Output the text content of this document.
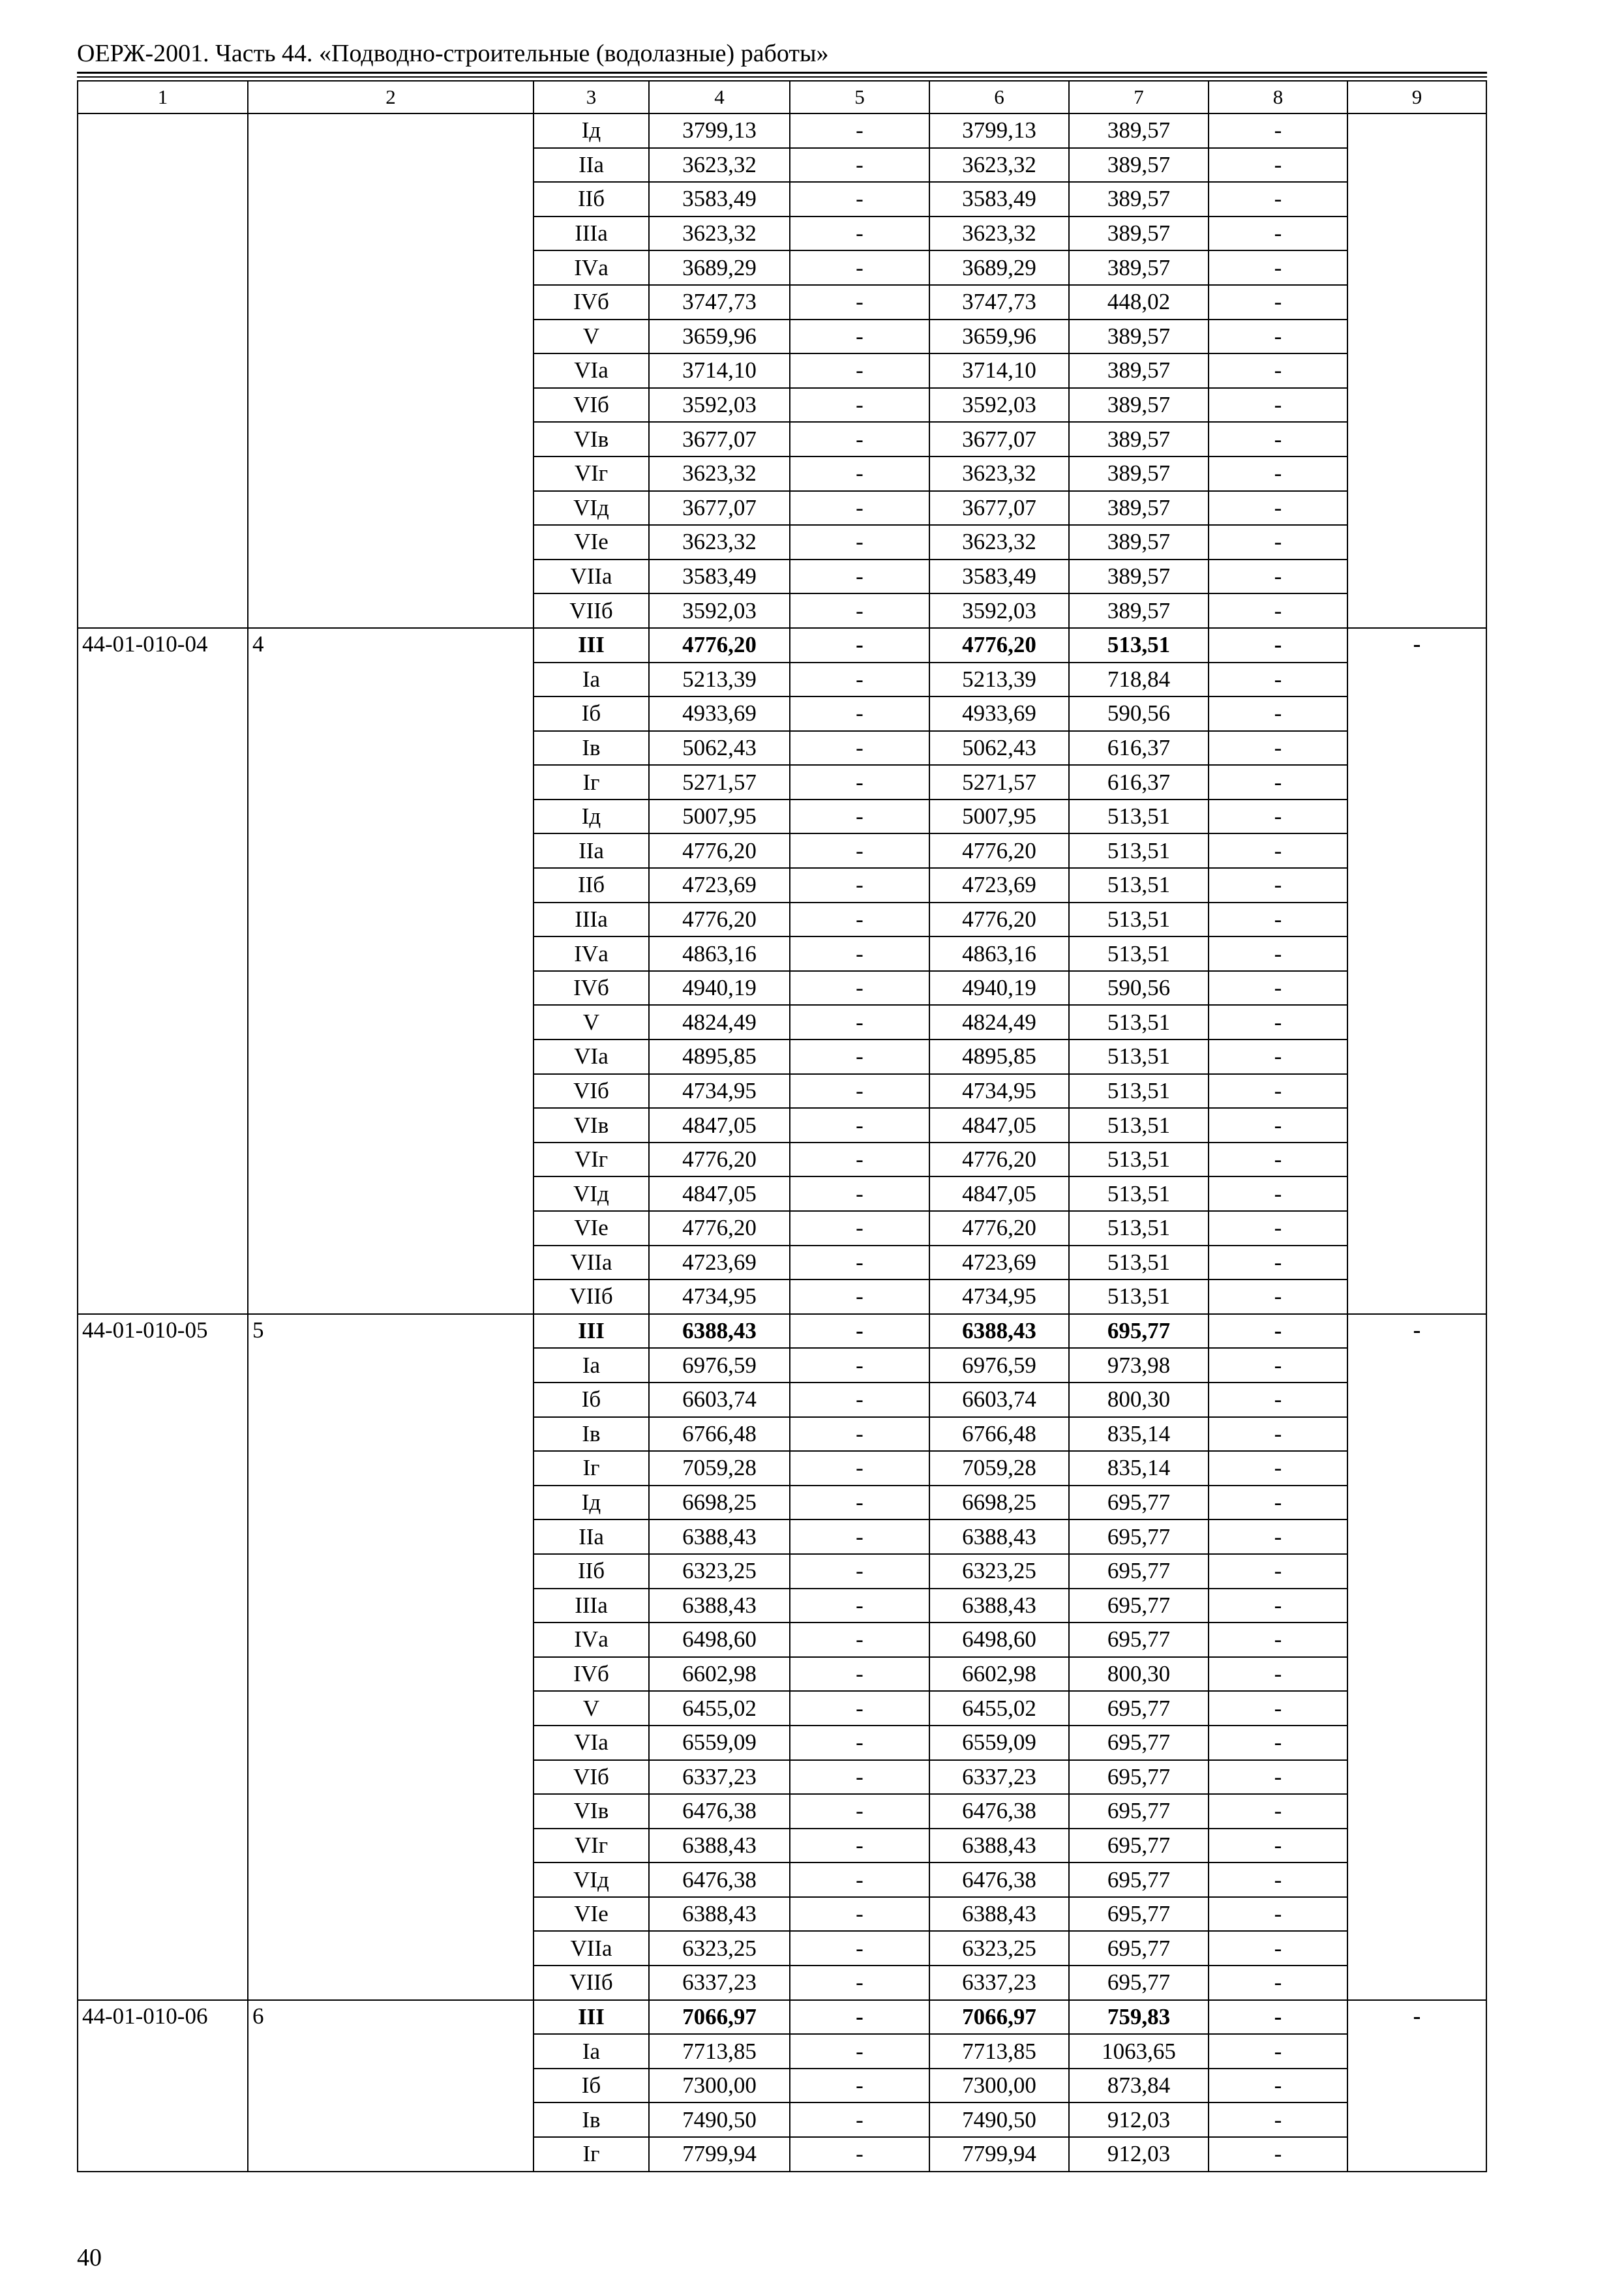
ОЕРЖ-2001. Часть 44. «Подводно-строительные (водолазные) работы»
1	2	3	4	5	6	7	8	9
		Iд	3799,13	-	3799,13	389,57	-	
		IIа	3623,32	-	3623,32	389,57	-	
		IIб	3583,49	-	3583,49	389,57	-	
		IIIа	3623,32	-	3623,32	389,57	-	
		IVа	3689,29	-	3689,29	389,57	-	
		IVб	3747,73	-	3747,73	448,02	-	
		V	3659,96	-	3659,96	389,57	-	
		VIа	3714,10	-	3714,10	389,57	-	
		VIб	3592,03	-	3592,03	389,57	-	
		VIв	3677,07	-	3677,07	389,57	-	
		VIг	3623,32	-	3623,32	389,57	-	
		VIд	3677,07	-	3677,07	389,57	-	
		VIе	3623,32	-	3623,32	389,57	-	
		VIIа	3583,49	-	3583,49	389,57	-	
		VIIб	3592,03	-	3592,03	389,57	-	
44-01-010-04	4	III	4776,20	-	4776,20	513,51	-	-
		Iа	5213,39	-	5213,39	718,84	-	
		Iб	4933,69	-	4933,69	590,56	-	
		Iв	5062,43	-	5062,43	616,37	-	
		Iг	5271,57	-	5271,57	616,37	-	
		Iд	5007,95	-	5007,95	513,51	-	
		IIа	4776,20	-	4776,20	513,51	-	
		IIб	4723,69	-	4723,69	513,51	-	
		IIIа	4776,20	-	4776,20	513,51	-	
		IVа	4863,16	-	4863,16	513,51	-	
		IVб	4940,19	-	4940,19	590,56	-	
		V	4824,49	-	4824,49	513,51	-	
		VIа	4895,85	-	4895,85	513,51	-	
		VIб	4734,95	-	4734,95	513,51	-	
		VIв	4847,05	-	4847,05	513,51	-	
		VIг	4776,20	-	4776,20	513,51	-	
		VIд	4847,05	-	4847,05	513,51	-	
		VIе	4776,20	-	4776,20	513,51	-	
		VIIа	4723,69	-	4723,69	513,51	-	
		VIIб	4734,95	-	4734,95	513,51	-	
44-01-010-05	5	III	6388,43	-	6388,43	695,77	-	-
		Iа	6976,59	-	6976,59	973,98	-	
		Iб	6603,74	-	6603,74	800,30	-	
		Iв	6766,48	-	6766,48	835,14	-	
		Iг	7059,28	-	7059,28	835,14	-	
		Iд	6698,25	-	6698,25	695,77	-	
		IIа	6388,43	-	6388,43	695,77	-	
		IIб	6323,25	-	6323,25	695,77	-	
		IIIа	6388,43	-	6388,43	695,77	-	
		IVа	6498,60	-	6498,60	695,77	-	
		IVб	6602,98	-	6602,98	800,30	-	
		V	6455,02	-	6455,02	695,77	-	
		VIа	6559,09	-	6559,09	695,77	-	
		VIб	6337,23	-	6337,23	695,77	-	
		VIв	6476,38	-	6476,38	695,77	-	
		VIг	6388,43	-	6388,43	695,77	-	
		VIд	6476,38	-	6476,38	695,77	-	
		VIе	6388,43	-	6388,43	695,77	-	
		VIIа	6323,25	-	6323,25	695,77	-	
		VIIб	6337,23	-	6337,23	695,77	-	
44-01-010-06	6	III	7066,97	-	7066,97	759,83	-	-
		Iа	7713,85	-	7713,85	1063,65	-	
		Iб	7300,00	-	7300,00	873,84	-	
		Iв	7490,50	-	7490,50	912,03	-	
		Iг	7799,94	-	7799,94	912,03	-	
40
